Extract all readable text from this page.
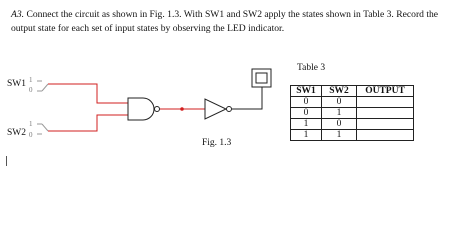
A3. Connect the circuit as shown in Fig. 1.3. With SW1 and SW2 apply the states shown in Table 3. Record the output state for each set of input states by observing the LED indicator.

SW1 1
0
SW2
1
0
Table 3
SW1	SW2	OUTPUT
0	0	
0	1	
1	0	
1	1	
Fig. 1.3
